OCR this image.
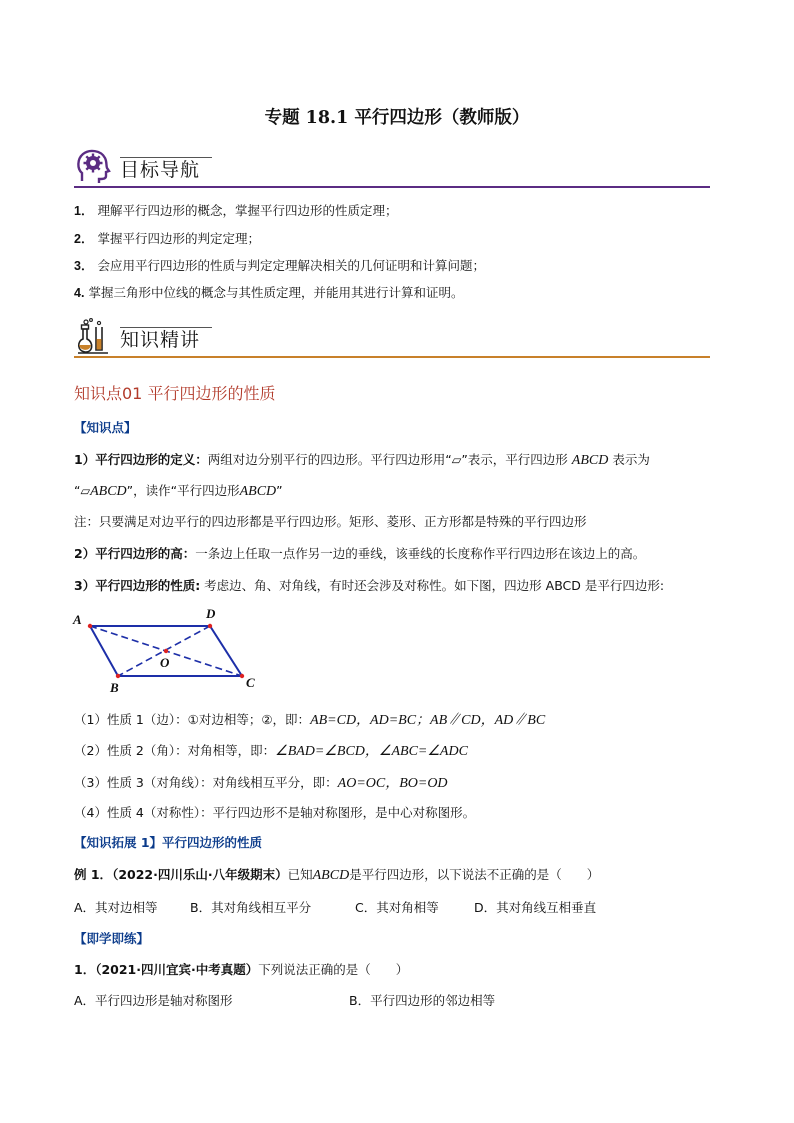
专题 18.1 平行四边形（教师版）
目标导航
1． 理解平行四边形的概念，掌握平行四边形的性质定理；
2． 掌握平行四边形的判定定理；
3． 会应用平行四边形的性质与判定定理解决相关的几何证明和计算问题；
4. 掌握三角形中位线的概念与其性质定理，并能用其进行计算和证明。
知识精讲
知识点01 平行四边形的性质
【知识点】
1）平行四边形的定义：两组对边分别平行的四边形。平行四边形用“▱”表示，平行四边形 ABCD 表示为
“▱ABCD”，读作“平行四边形ABCD”
注：只要满足对边平行的四边形都是平行四边形。矩形、菱形、正方形都是特殊的平行四边形
2）平行四边形的高：一条边上任取一点作另一边的垂线，该垂线的长度称作平行四边形在该边上的高。
3）平行四边形的性质: 考虑边、角、对角线，有时还会涉及对称性。如下图，四边形 ABCD 是平行四边形:
A	D
C
B
O
（1）性质 1（边）：①对边相等；②，即：AB=CD，AD=BC；AB∥CD，AD∥BC
（2）性质 2（角）：对角相等，即：∠BAD=∠BCD，∠ABC=∠ADC
（3）性质 3（对角线）：对角线相互平分，即：AO=OC，BO=OD
（4）性质 4（对称性）：平行四边形不是轴对称图形，是中心对称图形。
【知识拓展 1】平行四边形的性质
例 1．（2022·四川乐山·八年级期末）已知ABCD是平行四边形，以下说法不正确的是（　　）
A．其对边相等	B．其对角线相互平分	C．其对角相等	D．其对角线互相垂直
【即学即练】
1．（2021·四川宜宾·中考真题）下列说法正确的是（　　）
A．平行四边形是轴对称图形	B．平行四边形的邻边相等
